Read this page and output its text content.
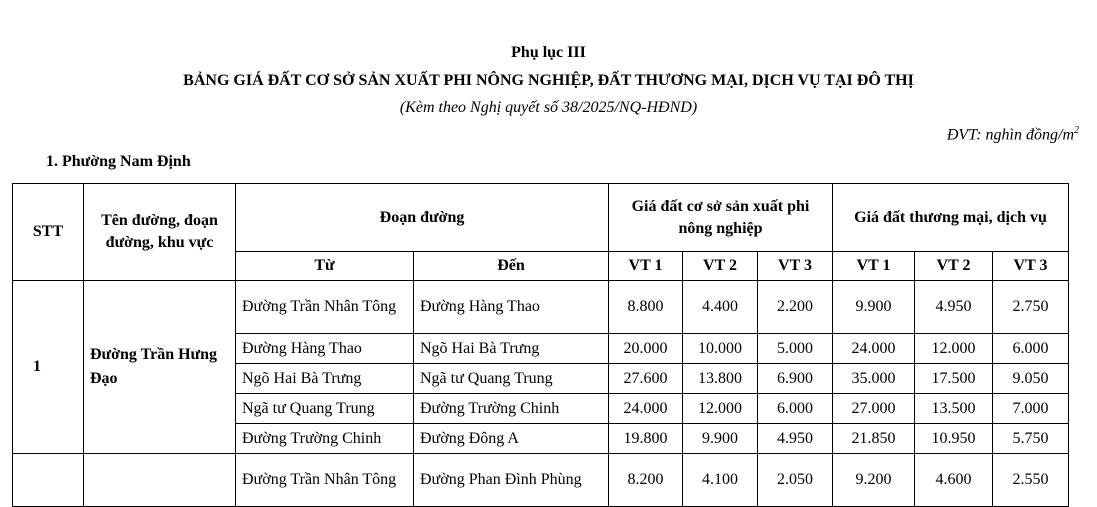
Phụ lục III
BẢNG GIÁ ĐẤT CƠ SỞ SẢN XUẤT PHI NÔNG NGHIỆP, ĐẤT THƯƠNG MẠI, DỊCH VỤ TẠI ĐÔ THỊ
(Kèm theo Nghị quyết số 38/2025/NQ-HĐND)
ĐVT: nghìn đồng/$m^2$
1. Phường Nam Định
STT	Tên đường, đoạn đường, khu vực	Đoạn đường		Giá đất cơ sở sản xuất phi nông nghiệp			Giá đất thương mại, dịch vụ		
		Từ	Đến	VT 1	VT 2	VT 3	VT 1	VT 2	VT 3
1	Đường Trần Hưng Đạo	Đường Trần Nhân Tông	Đường Hàng Thao	8.800	4.400	2.200	9.900	4.950	2.750
		Đường Hàng Thao	Ngõ Hai Bà Trưng	20.000	10.000	5.000	24.000	12.000	6.000
		Ngõ Hai Bà Trưng	Ngã tư Quang Trung	27.600	13.800	6.900	35.000	17.500	9.050
		Ngã tư Quang Trung	Đường Trường Chinh	24.000	12.000	6.000	27.000	13.500	7.000
		Đường Trường Chinh	Đường Đông A	19.800	9.900	4.950	21.850	10.950	5.750
		Đường Trần Nhân Tông	Đường Phan Đình Phùng	8.200	4.100	2.050	9.200	4.600	2.550
